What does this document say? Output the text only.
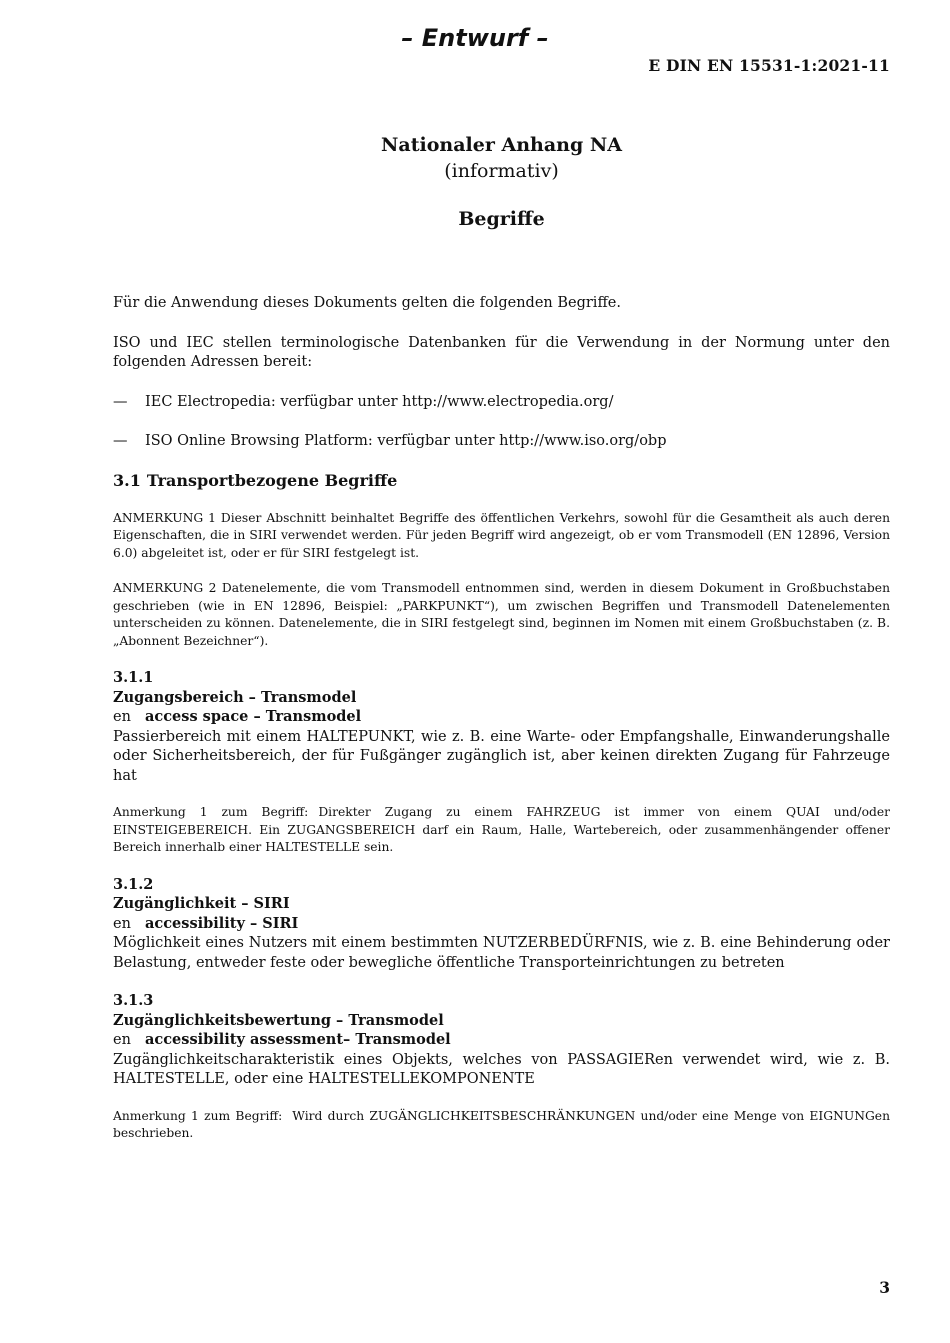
– Entwurf –
E DIN EN 15531-1:2021-11
Nationaler Anhang NA
(informativ)
Begriffe

Für die Anwendung dieses Dokuments gelten die folgenden Begriffe.

ISO und IEC stellen terminologische Datenbanken für die Verwendung in der Normung unter den folgenden Adressen bereit:

—	IEC Electropedia: verfügbar unter http://www.electropedia.org/
—	ISO Online Browsing Platform: verfügbar unter http://www.iso.org/obp
3.1 Transportbezogene Begriffe

ANMERKUNG 1 Dieser Abschnitt beinhaltet Begriffe des öffentlichen Verkehrs, sowohl für die Gesamtheit als auch deren Eigenschaften, die in SIRI verwendet werden. Für jeden Begriff wird angezeigt, ob er vom Transmodell (EN 12896, Version 6.0) abgeleitet ist, oder er für SIRI festgelegt ist.

ANMERKUNG 2 Datenelemente, die vom Transmodell entnommen sind, werden in diesem Dokument in Großbuchstaben geschrieben (wie in EN 12896, Beispiel: „PARKPUNKT“), um zwischen Begriffen und Transmodell Datenelementen unterscheiden zu können. Datenelemente, die in SIRI festgelegt sind, beginnen im Nomen mit einem Großbuchstaben (z. B. „Abonnent Bezeichner“).

3.1.1
Zugangsbereich – Transmodel
en access space – Transmodel

Passierbereich mit einem HALTEPUNKT, wie z. B. eine Warte- oder Empfangshalle, Einwanderungshalle oder Sicherheitsbereich, der für Fußgänger zugänglich ist, aber keinen direkten Zugang für Fahrzeuge hat

Anmerkung 1 zum Begriff: Direkter Zugang zu einem FAHRZEUG ist immer von einem QUAI und/oder EINSTEIGEBEREICH. Ein ZUGANGSBEREICH darf ein Raum, Halle, Wartebereich, oder zusammenhängender offener Bereich innerhalb einer HALTESTELLE sein.

3.1.2
Zugänglichkeit – SIRI
en accessibility – SIRI

Möglichkeit eines Nutzers mit einem bestimmten NUTZERBEDÜRFNIS, wie z. B. eine Behinderung oder Belastung, entweder feste oder bewegliche öffentliche Transporteinrichtungen zu betreten

3.1.3
Zugänglichkeitsbewertung – Transmodel
en accessibility assessment– Transmodel

Zugänglichkeitscharakteristik eines Objekts, welches von PASSAGIERen verwendet wird, wie z. B. HALTESTELLE, oder eine HALTESTELLEKOMPONENTE

Anmerkung 1 zum Begriff: Wird durch ZUGÄNGLICHKEITSBESCHRÄNKUNGEN und/oder eine Menge von EIGNUNGen beschrieben.

3
